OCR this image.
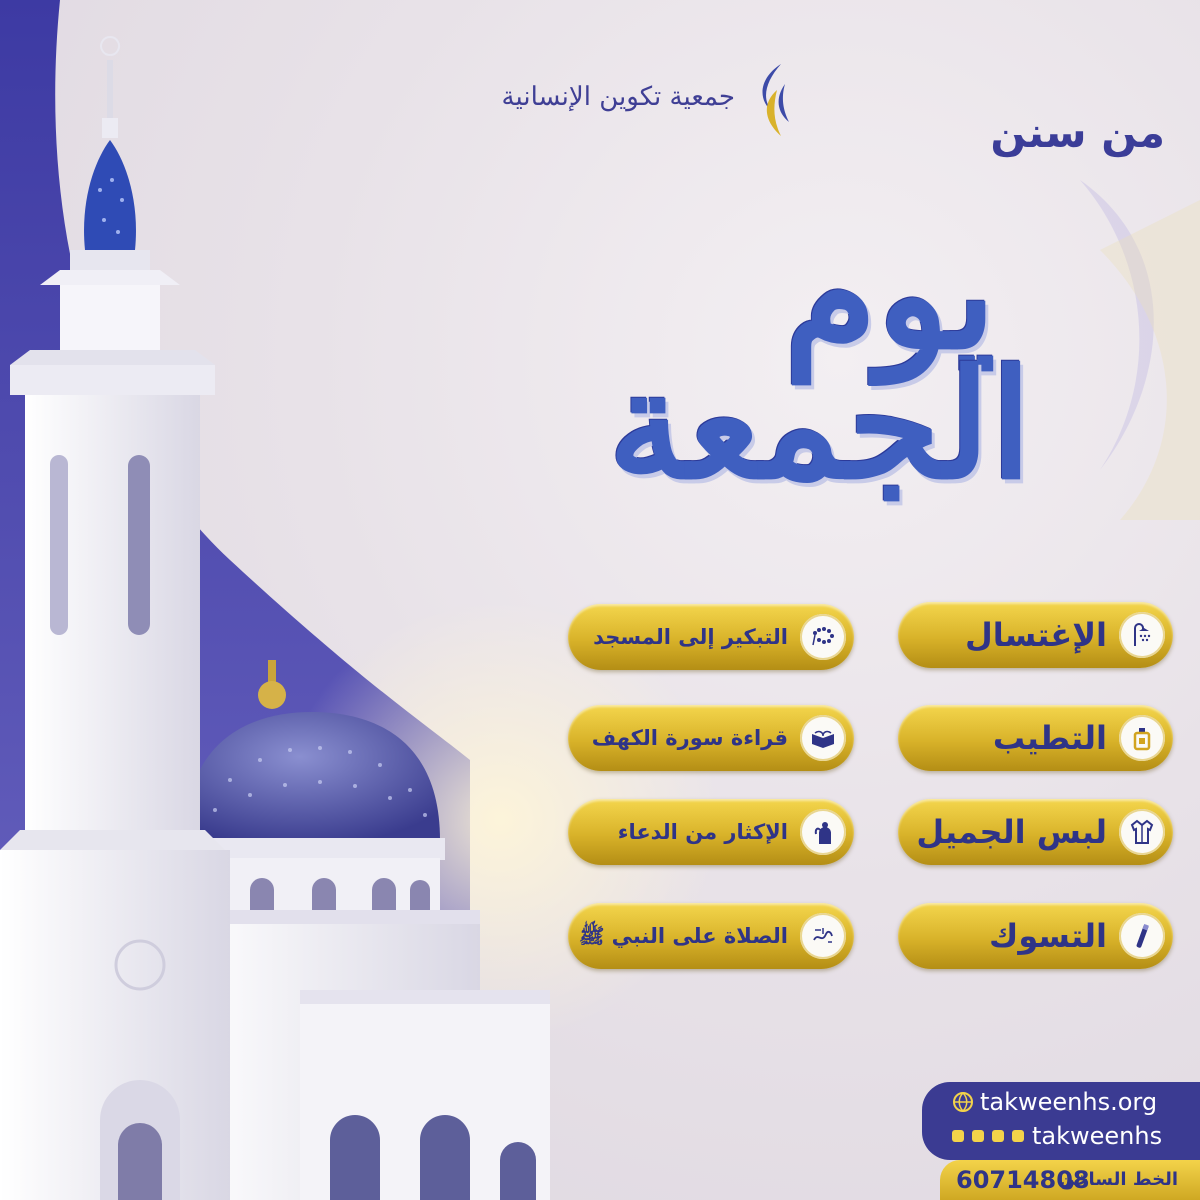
جمعية تكوين الإنسانية
من سنن
يوم
الجمعة
الإغتسال
التطيب
لبس الجميل
التسوك
التبكير إلى المسجد
قراءة سورة الكهف
الإكثار من الدعاء
الصلاة على النبي ﷺ
takweenhs.org
takweenhs
60714808
الخط الساخن
